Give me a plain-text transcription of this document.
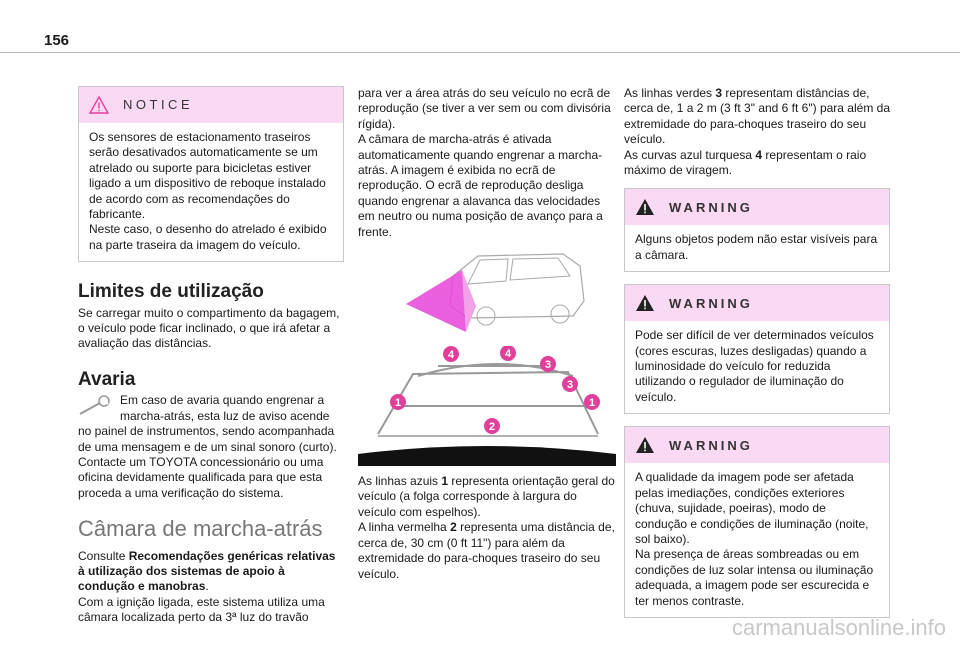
156
NOTICE

Os sensores de estacionamento traseiros serão desativados automaticamente se um atrelado ou suporte para bicicletas estiver ligado a um dispositivo de reboque instalado de acordo com as recomendações do fabricante.

Neste caso, o desenho do atrelado é exibido na parte traseira da imagem do veículo.

Limites de utilização

Se carregar muito o compartimento da bagagem, o veículo pode ficar inclinado, o que irá afetar a avaliação das distâncias.

Avaria

Em caso de avaria quando engrenar a marcha-atrás, esta luz de aviso acende

no painel de instrumentos, sendo acompanhada de uma mensagem e de um sinal sonoro (curto).

Contacte um TOYOTA concessionário ou uma oficina devidamente qualificada para que esta proceda a uma verificação do sistema.

Câmara de marcha-atrás

Consulte Recomendações genéricas relativas à utilização dos sistemas de apoio à condução e manobras.

Com a ignição ligada, este sistema utiliza uma câmara localizada perto da 3ª luz do travão

para ver a área atrás do seu veículo no ecrã de reprodução (se tiver a ver sem ou com divisória rígida).

A câmara de marcha-atrás é ativada automaticamente quando engrenar a marcha-atrás. A imagem é exibida no ecrã de reprodução. O ecrã de reprodução desliga quando engrenar a alavanca das velocidades em neutro ou numa posição de avanço para a frente.

4	4
3
3
1	1
2

As linhas azuis 1 representa orientação geral do veículo (a folga corresponde à largura do veículo com espelhos).

A linha vermelha 2 representa uma distância de, cerca de, 30 cm (0 ft 11") para além da extremidade do para-choques traseiro do seu veículo.

As linhas verdes 3 representam distâncias de, cerca de, 1 a 2 m (3 ft 3" and 6 ft 6") para além da extremidade do para-choques traseiro do seu veículo.

As curvas azul turquesa 4 representam o raio máximo de viragem.

WARNING
Alguns objetos podem não estar visíveis para a câmara.
WARNING
Pode ser difícil de ver determinados veículos (cores escuras, luzes desligadas) quando a luminosidade do veículo for reduzida utilizando o regulador de iluminação do veículo.
WARNING

A qualidade da imagem pode ser afetada pelas imediações, condições exteriores (chuva, sujidade, poeiras), modo de condução e condições de iluminação (noite, sol baixo).

Na presença de áreas sombreadas ou em condições de luz solar intensa ou iluminação adequada, a imagem pode ser escurecida e ter menos contraste.

carmanualsonline.info
